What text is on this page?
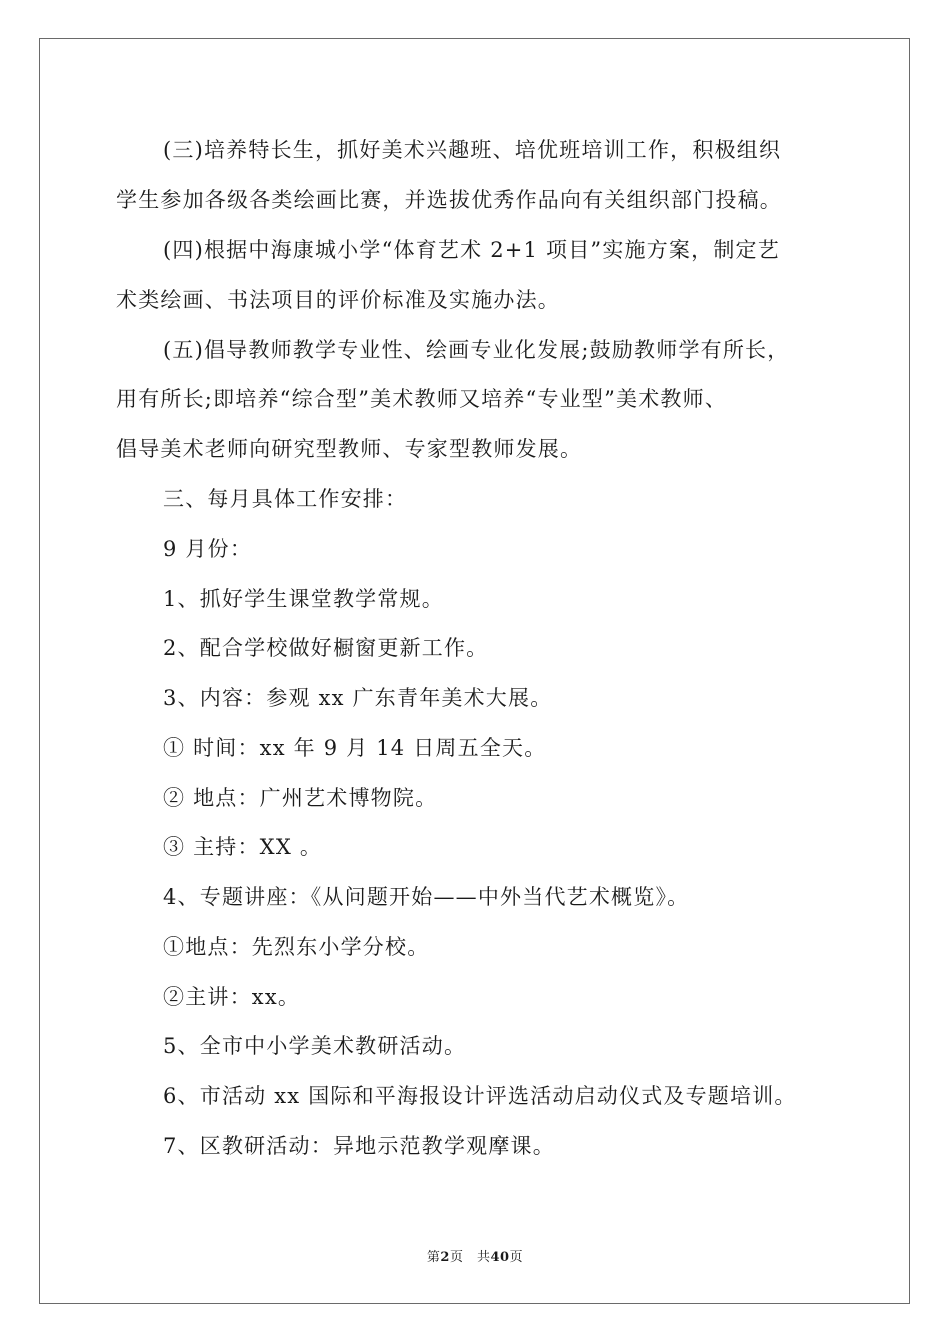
(三)培养特长生，抓好美术兴趣班、培优班培训工作，积极组织
学生参加各级各类绘画比赛，并选拔优秀作品向有关组织部门投稿。
(四)根据中海康城小学“体育艺术 2+1 项目”实施方案，制定艺
术类绘画、书法项目的评价标准及实施办法。
(五)倡导教师教学专业性、绘画专业化发展;鼓励教师学有所长，
用有所长;即培养“综合型”美术教师又培养“专业型”美术教师、
倡导美术老师向研究型教师、专家型教师发展。
三、每月具体工作安排：
9 月份：
1、抓好学生课堂教学常规。
2、配合学校做好橱窗更新工作。
3、内容：参观 xx 广东青年美术大展。
① 时间：xx 年 9 月 14 日周五全天。
② 地点：广州艺术博物院。
③ 主持：XX 。
4、专题讲座：《从问题开始——中外当代艺术概览》。
①地点：先烈东小学分校。
②主讲：xx。
5、全市中小学美术教研活动。
6、市活动 xx 国际和平海报设计评选活动启动仪式及专题培训。
7、区教研活动：异地示范教学观摩课。
第2页　共40页
